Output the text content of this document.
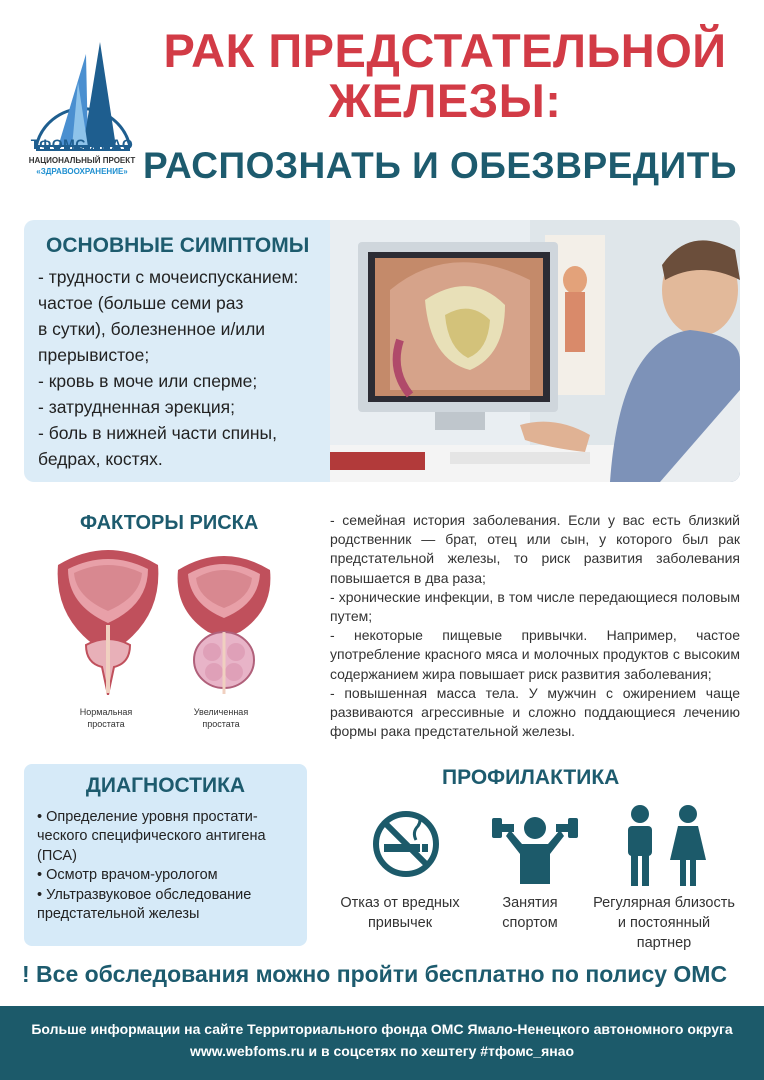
ТФОМС ЯНАО
НАЦИОНАЛЬНЫЙ ПРОЕКТ
«ЗДРАВООХРАНЕНИЕ»
РАК ПРЕДСТАТЕЛЬНОЙ
ЖЕЛЕЗЫ:
РАСПОЗНАТЬ И ОБЕЗВРЕДИТЬ
ОСНОВНЫЕ СИМПТОМЫ
- трудности с мочеиспусканием:
частое (больше семи раз
в сутки), болезненное и/или
прерывистое;
- кровь в моче или сперме;
- затрудненная эрекция;
- боль в нижней части спины,
бедрах, костях.
ФАКТОРЫ РИСКА
Нормальная
простата
Увеличенная
простата

- семейная история заболевания. Если у вас есть близкий родственник — брат, отец или сын, у которого был рак предстательной железы, то риск развития заболевания повышается в два раза;

- хронические инфекции, в том числе передающиеся половым путем;

- некоторые пищевые привычки. Например, частое употребление красного мяса и молочных продуктов с высоким содержанием жира повышает риск развития заболевания;

- повышенная масса тела. У мужчин с ожирением чаще развиваются агрессивные и сложно поддающиеся лечению формы рака предстательной железы.

ДИАГНОСТИКА
• Определение уровня простати-
ческого специфического антигена
(ПСА)
• Осмотр врачом-урологом
• Ультразвуковое обследование
предстательной железы
ПРОФИЛАКТИКА
Отказ от вредных
привычек
Занятия
спортом
Регулярная близость
и постоянный
партнер
! Все обследования можно пройти бесплатно по полису ОМС
Больше информации на сайте Территориального фонда ОМС Ямало-Ненецкого автономного округа
www.webfoms.ru и в соцсетях по хештегу #тфомс_янао
